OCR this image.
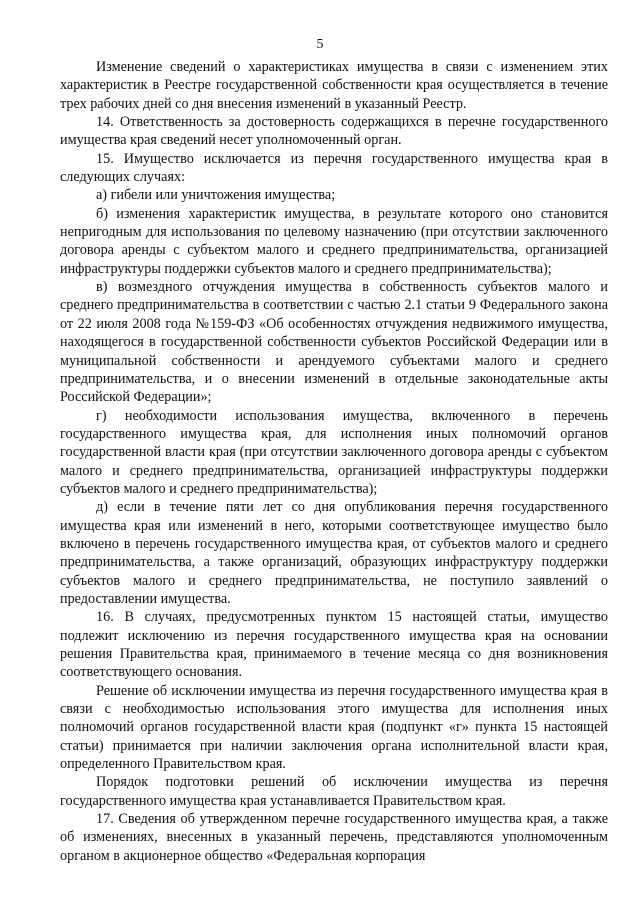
5

Изменение сведений о характеристиках имущества в связи с изменением этих характеристик в Реестре государственной собственности края осуществляется в течение трех рабочих дней со дня внесения изменений в указанный Реестр.

14. Ответственность за достоверность содержащихся в перечне государственного имущества края сведений несет уполномоченный орган.

15. Имущество исключается из перечня государственного имущества края в следующих случаях:

а) гибели или уничтожения имущества;

б) изменения характеристик имущества, в результате которого оно становится непригодным для использования по целевому назначению (при отсутствии заключенного договора аренды с субъектом малого и среднего предпринимательства, организацией инфраструктуры поддержки субъектов малого и среднего предпринимательства);

в) возмездного отчуждения имущества в собственность субъектов малого и среднего предпринимательства в соответствии с частью 2.1 статьи 9 Федерального закона от 22 июля 2008 года №159-ФЗ «Об особенностях отчуждения недвижимого имущества, находящегося в государственной собственности субъектов Российской Федерации или в муниципальной собственности и арендуемого субъектами малого и среднего предпринимательства, и о внесении изменений в отдельные законодательные акты Российской Федерации»;

г) необходимости использования имущества, включенного в перечень государственного имущества края, для исполнения иных полномочий органов государственной власти края (при отсутствии заключенного договора аренды с субъектом малого и среднего предпринимательства, организацией инфраструктуры поддержки субъектов малого и среднего предпринимательства);

д) если в течение пяти лет со дня опубликования перечня государственного имущества края или изменений в него, которыми соответствующее имущество было включено в перечень государственного имущества края, от субъектов малого и среднего предпринимательства, а также организаций, образующих инфраструктуру поддержки субъектов малого и среднего предпринимательства, не поступило заявлений о предоставлении имущества.

16. В случаях, предусмотренных пунктом 15 настоящей статьи, имущество подлежит исключению из перечня государственного имущества края на основании решения Правительства края, принимаемого в течение месяца со дня возникновения соответствующего основания.

Решение об исключении имущества из перечня государственного имущества края в связи с необходимостью использования этого имущества для исполнения иных полномочий органов государственной власти края (подпункт «г» пункта 15 настоящей статьи) принимается при наличии заключения органа исполнительной власти края, определенного Правительством края.

Порядок подготовки решений об исключении имущества из перечня государственного имущества края устанавливается Правительством края.

17. Сведения об утвержденном перечне государственного имущества края, а также об изменениях, внесенных в указанный перечень, представляются уполномоченным органом в акционерное общество «Федеральная корпорация
